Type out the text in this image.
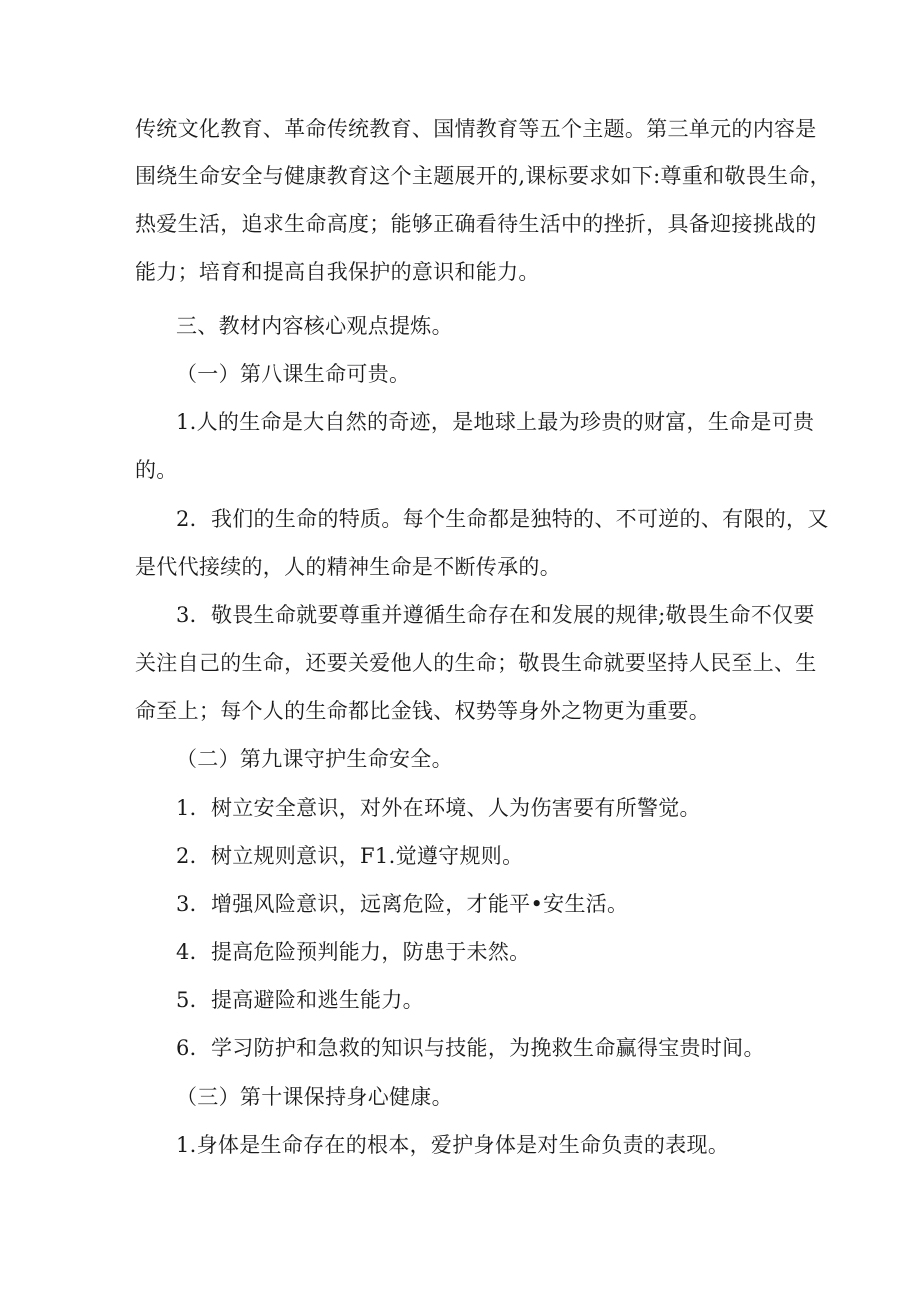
传统文化教育、革命传统教育、国情教育等五个主题。第三单元的内容是
围绕生命安全与健康教育这个主题展开的,课标要求如下:尊重和敬畏生命，
热爱生活，追求生命高度；能够正确看待生活中的挫折，具备迎接挑战的
能力；培育和提高自我保护的意识和能力。
三、教材内容核心观点提炼。
（一）第八课生命可贵。
1.人的生命是大自然的奇迹，是地球上最为珍贵的财富，生命是可贵
的。
2．我们的生命的特质。每个生命都是独特的、不可逆的、有限的，又
是代代接续的，人的精神生命是不断传承的。
3．敬畏生命就要尊重并遵循生命存在和发展的规律;敬畏生命不仅要
关注自己的生命，还要关爱他人的生命；敬畏生命就要坚持人民至上、生
命至上；每个人的生命都比金钱、权势等身外之物更为重要。
（二）第九课守护生命安全。
1．树立安全意识，对外在环境、人为伤害要有所警觉。
2．树立规则意识，F1.觉遵守规则。
3．增强风险意识，远离危险，才能平•安生活。
4．提高危险预判能力，防患于未然。
5．提高避险和逃生能力。
6．学习防护和急救的知识与技能，为挽救生命赢得宝贵时间。
（三）第十课保持身心健康。
1.身体是生命存在的根本，爱护身体是对生命负责的表现。
